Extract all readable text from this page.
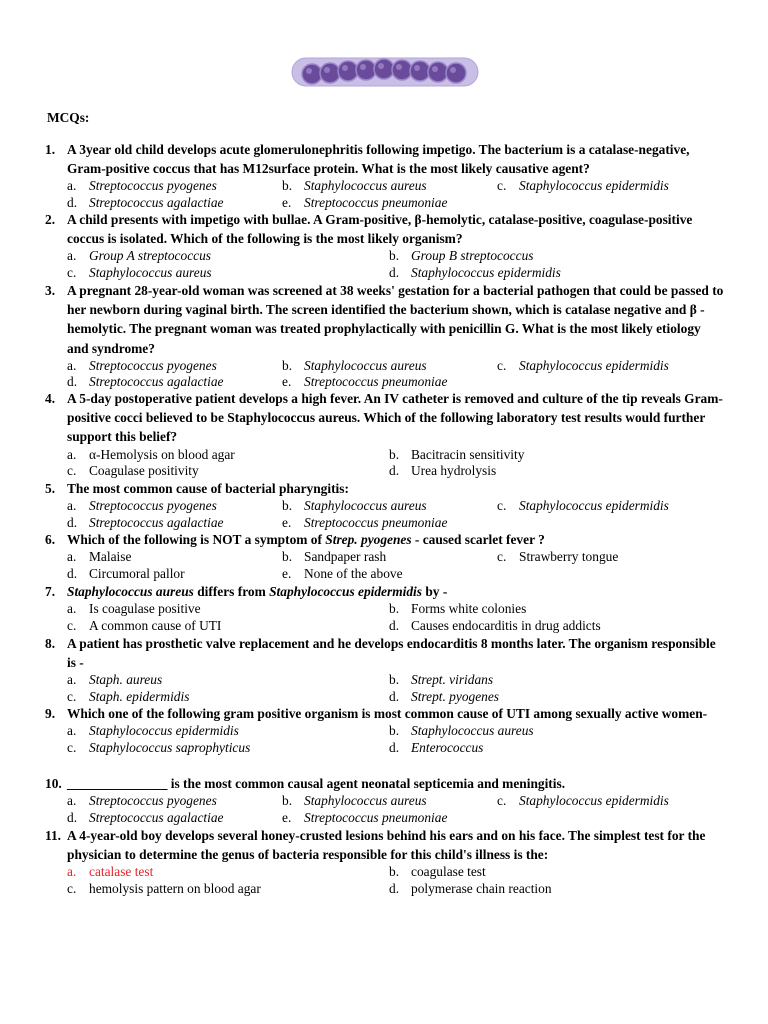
MCQs:
1. A 3year old child develops acute glomerulonephritis following impetigo. The bacterium is a catalase-negative, Gram-positive coccus that has M12surface protein. What is the most likely causative agent?
a. Streptococcus pyogenes	b. Staphylococcus aureus	c. Staphylococcus epidermidis
d. Streptococcus agalactiae	e. Streptococcus pneumoniae
2. A child presents with impetigo with bullae. A Gram-positive, β-hemolytic, catalase-positive, coagulase-positive coccus is isolated. Which of the following is the most likely organism?
a. Group A streptococcus	b. Group B streptococcus
c. Staphylococcus aureus	d. Staphylococcus epidermidis
3. A pregnant 28-year-old woman was screened at 38 weeks' gestation for a bacterial pathogen that could be passed to her newborn during vaginal birth. The screen identified the bacterium shown, which is catalase negative and β -hemolytic. The pregnant woman was treated prophylactically with penicillin G. What is the most likely etiology and syndrome?
a. Streptococcus pyogenes	b. Staphylococcus aureus	c. Staphylococcus epidermidis
d. Streptococcus agalactiae	e. Streptococcus pneumoniae
4. A 5-day postoperative patient develops a high fever. An IV catheter is removed and culture of the tip reveals Gram-positive cocci believed to be Staphylococcus aureus. Which of the following laboratory test results would further support this belief?
a. α-Hemolysis on blood agar	b. Bacitracin sensitivity
c. Coagulase positivity	d. Urea hydrolysis
5. The most common cause of bacterial pharyngitis:
a. Streptococcus pyogenes	b. Staphylococcus aureus	c. Staphylococcus epidermidis
d. Streptococcus agalactiae	e. Streptococcus pneumoniae
6. Which of the following is NOT a symptom of Strep. pyogenes - caused scarlet fever ?
a. Malaise	b. Sandpaper rash	c. Strawberry tongue
d. Circumoral pallor	e. None of the above
7. Staphylococcus aureus differs from Staphylococcus epidermidis by -
a. Is coagulase positive	b. Forms white colonies
c. A common cause of UTI	d. Causes endocarditis in drug addicts
8. A patient has prosthetic valve replacement and he develops endocarditis 8 months later. The organism responsible is -
a. Staph. aureus	b. Strept. viridans
c. Staph. epidermidis	d. Strept. pyogenes
9. Which one of the following gram positive organism is most common cause of UTI among sexually active women-
a. Staphylococcus epidermidis	b. Staphylococcus aureus
c. Staphylococcus saprophyticus	d. Enterococcus
10. _______________ is the most common causal agent neonatal septicemia and meningitis.
a. Streptococcus pyogenes	b. Staphylococcus aureus	c. Staphylococcus epidermidis
d. Streptococcus agalactiae	e. Streptococcus pneumoniae
11. A 4-year-old boy develops several honey-crusted lesions behind his ears and on his face. The simplest test for the physician to determine the genus of bacteria responsible for this child's illness is the:
a. catalase test	b. coagulase test
c. hemolysis pattern on blood agar	d. polymerase chain reaction
